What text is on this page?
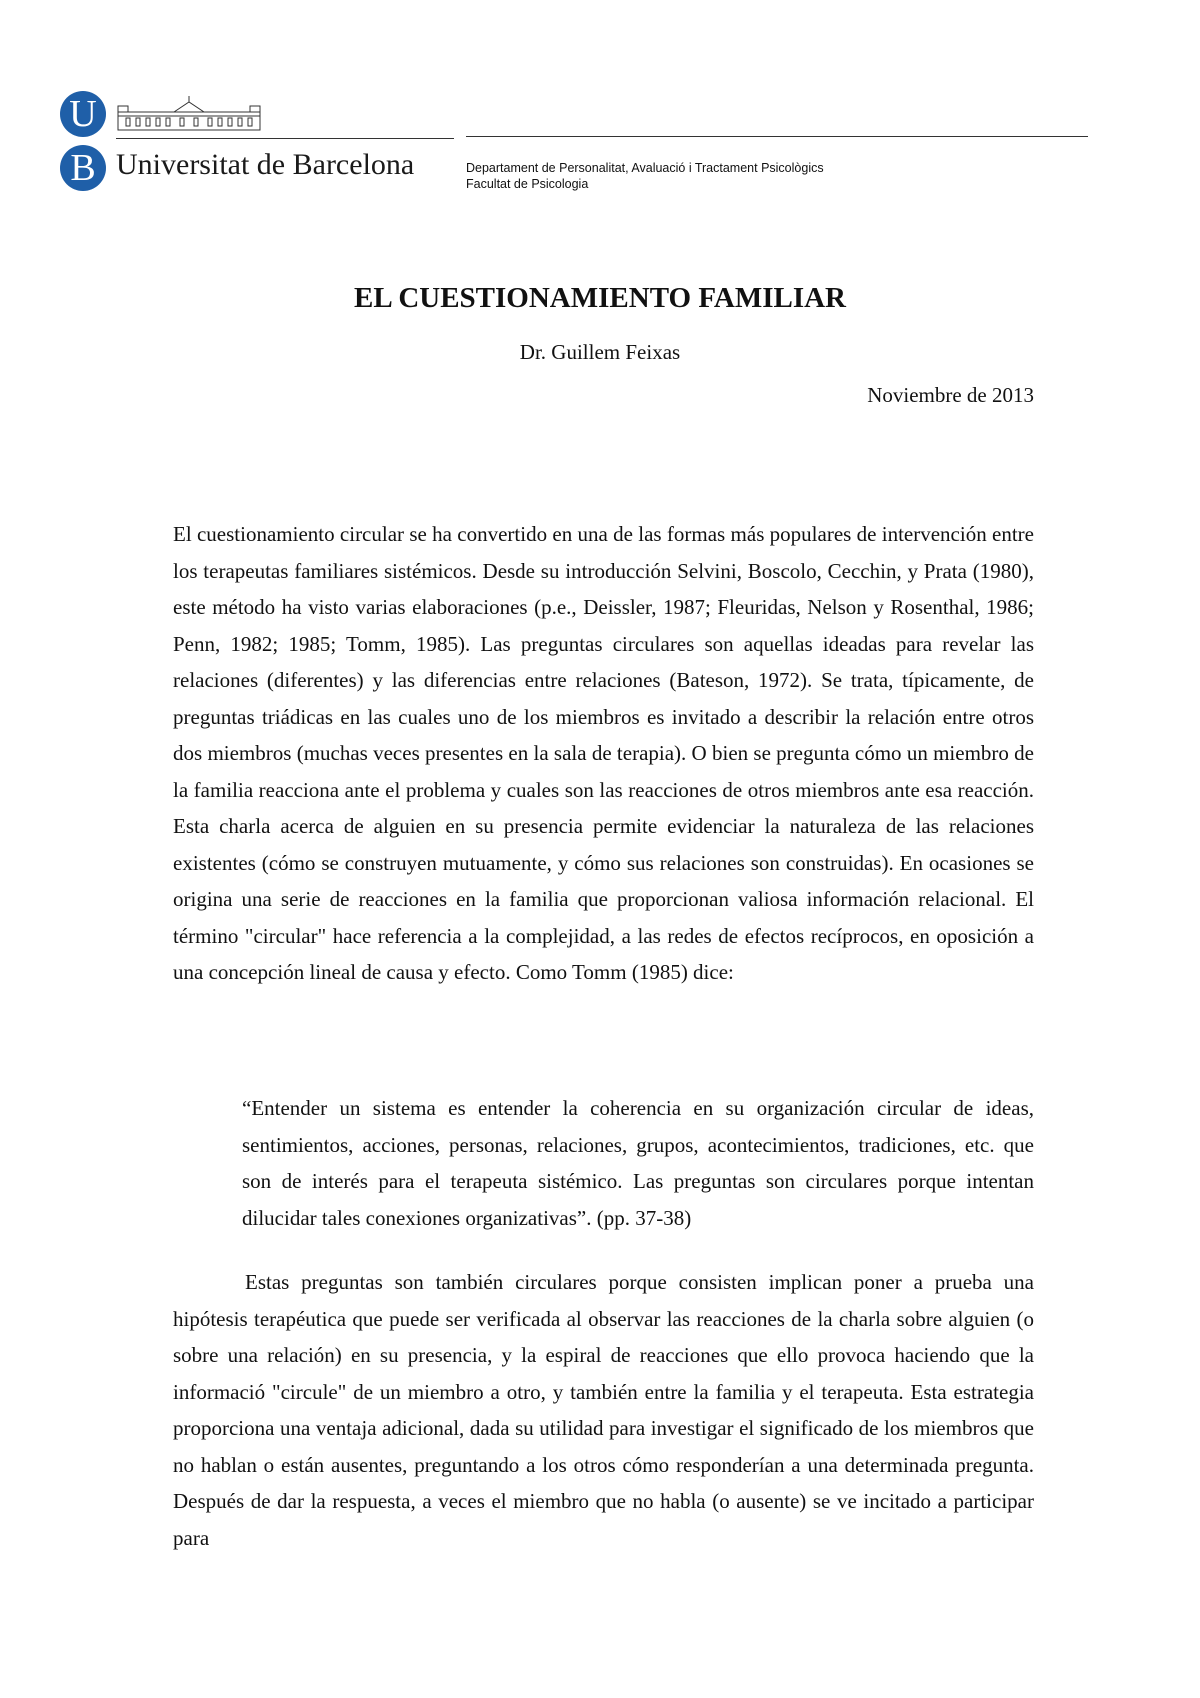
U
B Universitat de Barcelona	Departament de Personalitat, Avaluació i Tractament Psicològics
Facultat de Psicologia
EL CUESTIONAMIENTO FAMILIAR
Dr. Guillem Feixas
Noviembre de 2013

El cuestionamiento circular se ha convertido en una de las formas más populares de intervención entre los terapeutas familiares sistémicos. Desde su introducción Selvini, Boscolo, Cecchin, y Prata (1980), este método ha visto varias elaboraciones (p.e., Deissler, 1987; Fleuridas, Nelson y Rosenthal, 1986; Penn, 1982; 1985; Tomm, 1985). Las preguntas circulares son aquellas ideadas para revelar las relaciones (diferentes) y las diferencias entre relaciones (Bateson, 1972). Se trata, típicamente, de preguntas triádicas en las cuales uno de los miembros es invitado a describir la relación entre otros dos miembros (muchas veces presentes en la sala de terapia). O bien se pregunta cómo un miembro de la familia reacciona ante el problema y cuales son las reacciones de otros miembros ante esa reacción. Esta charla acerca de alguien en su presencia permite evidenciar la naturaleza de las relaciones existentes (cómo se construyen mutuamente, y cómo sus relaciones son construidas). En ocasiones se origina una serie de reacciones en la familia que proporcionan valiosa información relacional. El término "circular" hace referencia a la complejidad, a las redes de efectos recíprocos, en oposición a una concepción lineal de causa y efecto. Como Tomm (1985) dice:

“Entender un sistema es entender la coherencia en su organización circular de ideas, sentimientos, acciones, personas, relaciones, grupos, acontecimientos, tradiciones, etc. que son de interés para el terapeuta sistémico. Las preguntas son circulares porque intentan dilucidar tales conexiones organizativas”. (pp. 37-38)

Estas preguntas son también circulares porque consisten implican poner a prueba una hipótesis terapéutica que puede ser verificada al observar las reacciones de la charla sobre alguien (o sobre una relación) en su presencia, y la espiral de reacciones que ello provoca haciendo que la informació "circule" de un miembro a otro, y también entre la familia y el terapeuta. Esta estrategia proporciona una ventaja adicional, dada su utilidad para investigar el significado de los miembros que no hablan o están ausentes, preguntando a los otros cómo responderían a una determinada pregunta. Después de dar la respuesta, a veces el miembro que no habla (o ausente) se ve incitado a participar para
